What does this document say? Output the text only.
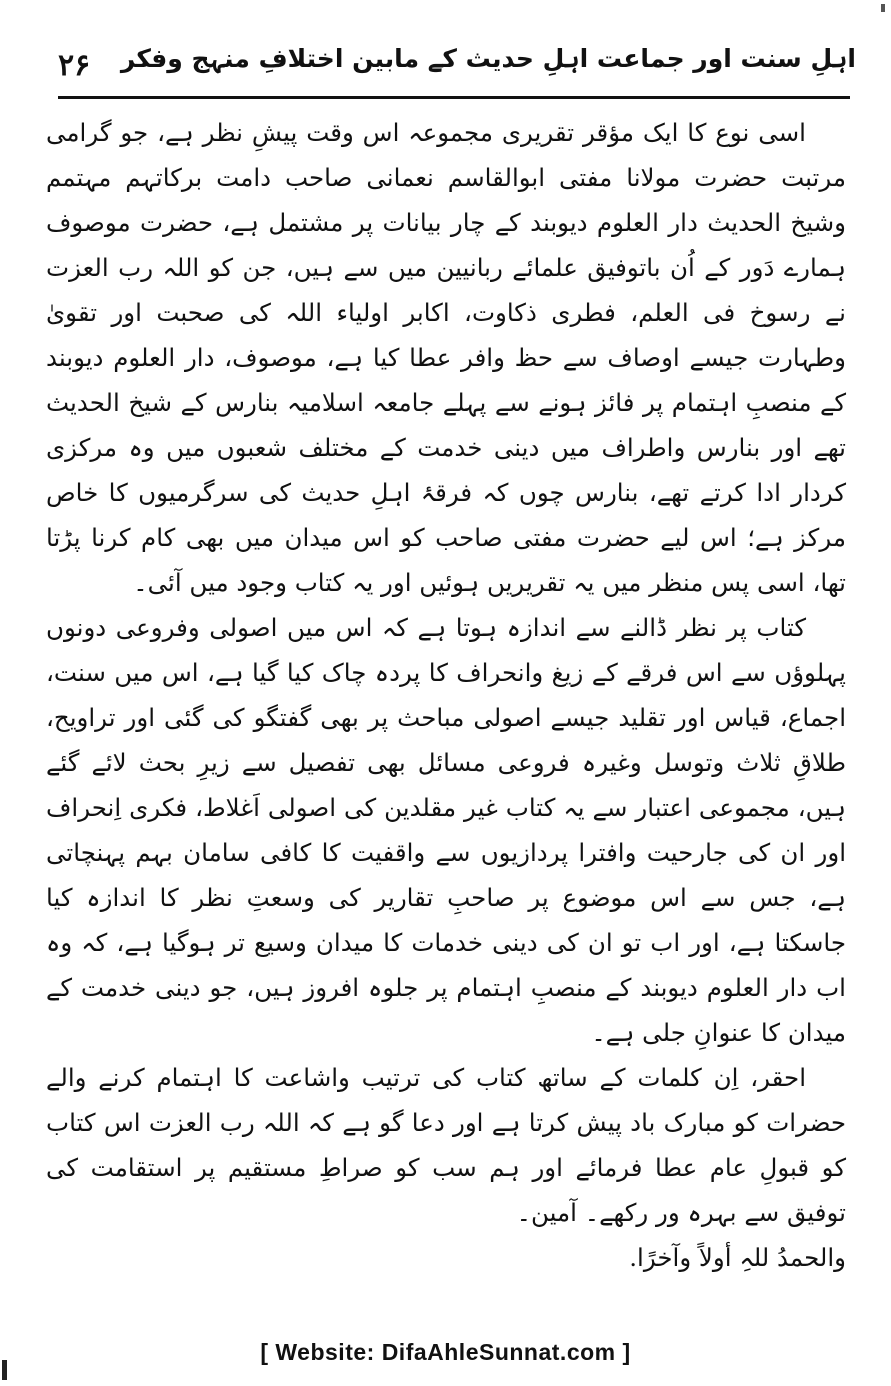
۲۶ اہلِ سنت اور جماعت اہلِ حدیث کے مابین اختلافِ منہج وفکر

اسی نوع کا ایک مؤقر تقریری مجموعہ اس وقت پیشِ نظر ہے، جو گرامی مرتبت حضرت مولانا مفتی ابوالقاسم نعمانی صاحب دامت برکاتہم مہتمم وشیخ الحدیث دار العلوم دیوبند کے چار بیانات پر مشتمل ہے، حضرت موصوف ہمارے دَور کے اُن باتوفیق علمائے ربانیین میں سے ہیں، جن کو اللہ رب العزت نے رسوخ فی العلم، فطری ذکاوت، اکابر اولیاء اللہ کی صحبت اور تقویٰ وطہارت جیسے اوصاف سے حظ وافر عطا کیا ہے، موصوف، دار العلوم دیوبند کے منصبِ اہتمام پر فائز ہونے سے پہلے جامعہ اسلامیہ بنارس کے شیخ الحدیث تھے اور بنارس واطراف میں دینی خدمت کے مختلف شعبوں میں وہ مرکزی کردار ادا کرتے تھے، بنارس چوں کہ فرقۂ اہلِ حدیث کی سرگرمیوں کا خاص مرکز ہے؛ اس لیے حضرت مفتی صاحب کو اس میدان میں بھی کام کرنا پڑتا تھا، اسی پس منظر میں یہ تقریریں ہوئیں اور یہ کتاب وجود میں آئی۔

کتاب پر نظر ڈالنے سے اندازہ ہوتا ہے کہ اس میں اصولی وفروعی دونوں پہلوؤں سے اس فرقے کے زیغ وانحراف کا پردہ چاک کیا گیا ہے، اس میں سنت، اجماع، قیاس اور تقلید جیسے اصولی مباحث پر بھی گفتگو کی گئی اور تراویح، طلاقِ ثلاث وتوسل وغیرہ فروعی مسائل بھی تفصیل سے زیرِ بحث لائے گئے ہیں، مجموعی اعتبار سے یہ کتاب غیر مقلدین کی اصولی اَغلاط، فکری اِنحراف اور ان کی جارحیت وافترا پردازیوں سے واقفیت کا کافی سامان بہم پہنچاتی ہے، جس سے اس موضوع پر صاحبِ تقاریر کی وسعتِ نظر کا اندازہ کیا جاسکتا ہے، اور اب تو ان کی دینی خدمات کا میدان وسیع تر ہوگیا ہے، کہ وہ اب دار العلوم دیوبند کے منصبِ اہتمام پر جلوہ افروز ہیں، جو دینی خدمت کے میدان کا عنوانِ جلی ہے۔

احقر، اِن کلمات کے ساتھ کتاب کی ترتیب واشاعت کا اہتمام کرنے والے حضرات کو مبارک باد پیش کرتا ہے اور دعا گو ہے کہ اللہ رب العزت اس کتاب کو قبولِ عام عطا فرمائے اور ہم سب کو صراطِ مستقیم پر استقامت کی توفیق سے بہرہ ور رکھے۔ آمین۔

والحمدُ للہِ أولاً وآخرًا.

[ Website: DifaAhleSunnat.com ]
